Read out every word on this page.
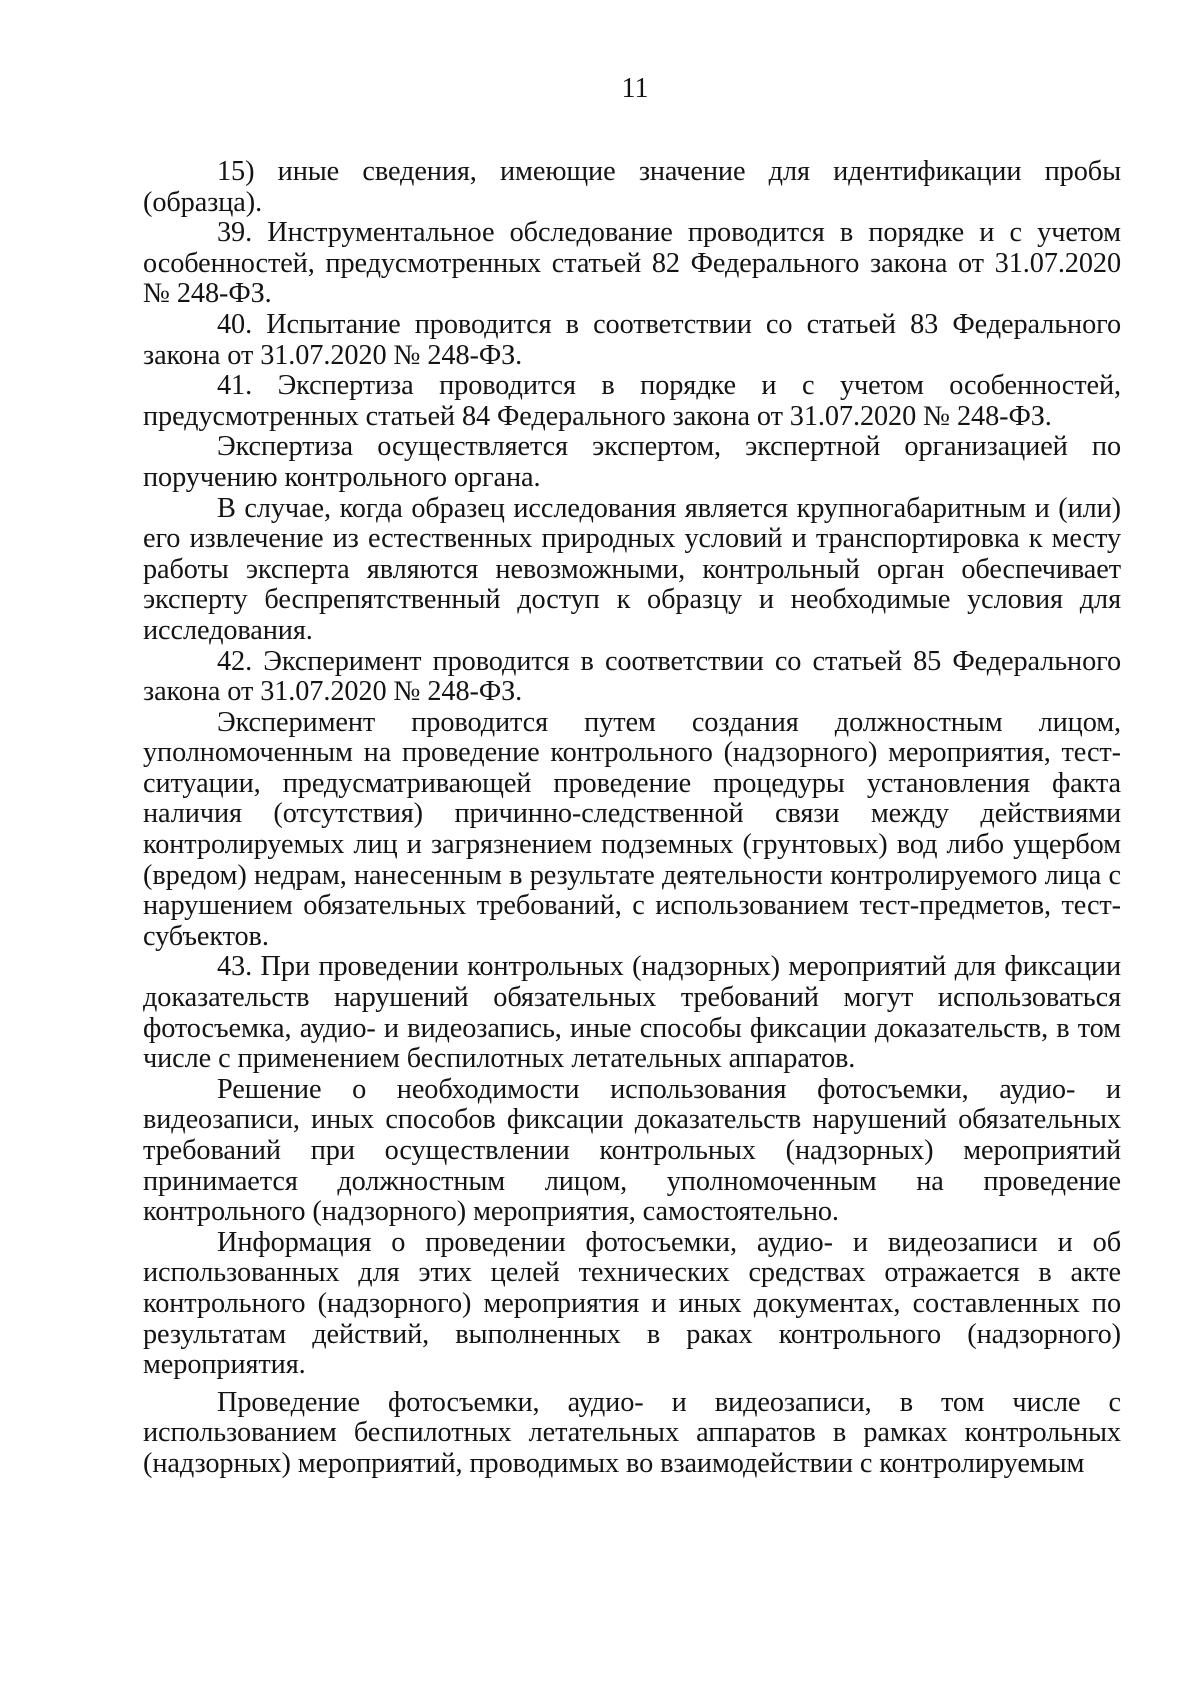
11

15) иные сведения, имеющие значение для идентификации пробы (образца).

39. Инструментальное обследование проводится в порядке и с учетом особенностей, предусмотренных статьей 82 Федерального закона от 31.07.2020 № 248-ФЗ.

40. Испытание проводится в соответствии со статьей 83 Федерального закона от 31.07.2020 № 248-ФЗ.

41. Экспертиза проводится в порядке и с учетом особенностей, предусмотренных статьей 84 Федерального закона от 31.07.2020 № 248-ФЗ.

Экспертиза осуществляется экспертом, экспертной организацией по поручению контрольного органа.

В случае, когда образец исследования является крупногабаритным и (или) его извлечение из естественных природных условий и транспортировка к месту работы эксперта являются невозможными, контрольный орган обеспечивает эксперту беспрепятственный доступ к образцу и необходимые условия для исследования.

42. Эксперимент проводится в соответствии со статьей 85 Федерального закона от 31.07.2020 № 248-ФЗ.

Эксперимент проводится путем создания должностным лицом, уполномоченным на проведение контрольного (надзорного) мероприятия, тест-ситуации, предусматривающей проведение процедуры установления факта наличия (отсутствия) причинно-следственной связи между действиями контролируемых лиц и загрязнением подземных (грунтовых) вод либо ущербом (вредом) недрам, нанесенным в результате деятельности контролируемого лица с нарушением обязательных требований, с использованием тест-предметов, тест-субъектов.

43. При проведении контрольных (надзорных) мероприятий для фиксации доказательств нарушений обязательных требований могут использоваться фотосъемка, аудио- и видеозапись, иные способы фиксации доказательств, в том числе с применением беспилотных летательных аппаратов.

Решение о необходимости использования фотосъемки, аудио- и видеозаписи, иных способов фиксации доказательств нарушений обязательных требований при осуществлении контрольных (надзорных) мероприятий принимается должностным лицом, уполномоченным на проведение контрольного (надзорного) мероприятия, самостоятельно.

Информация о проведении фотосъемки, аудио- и видеозаписи и об использованных для этих целей технических средствах отражается в акте контрольного (надзорного) мероприятия и иных документах, составленных по результатам действий, выполненных в раках контрольного (надзорного) мероприятия.

Проведение фотосъемки, аудио- и видеозаписи, в том числе с использованием беспилотных летательных аппаратов в рамках контрольных (надзорных) мероприятий, проводимых во взаимодействии с контролируемым
